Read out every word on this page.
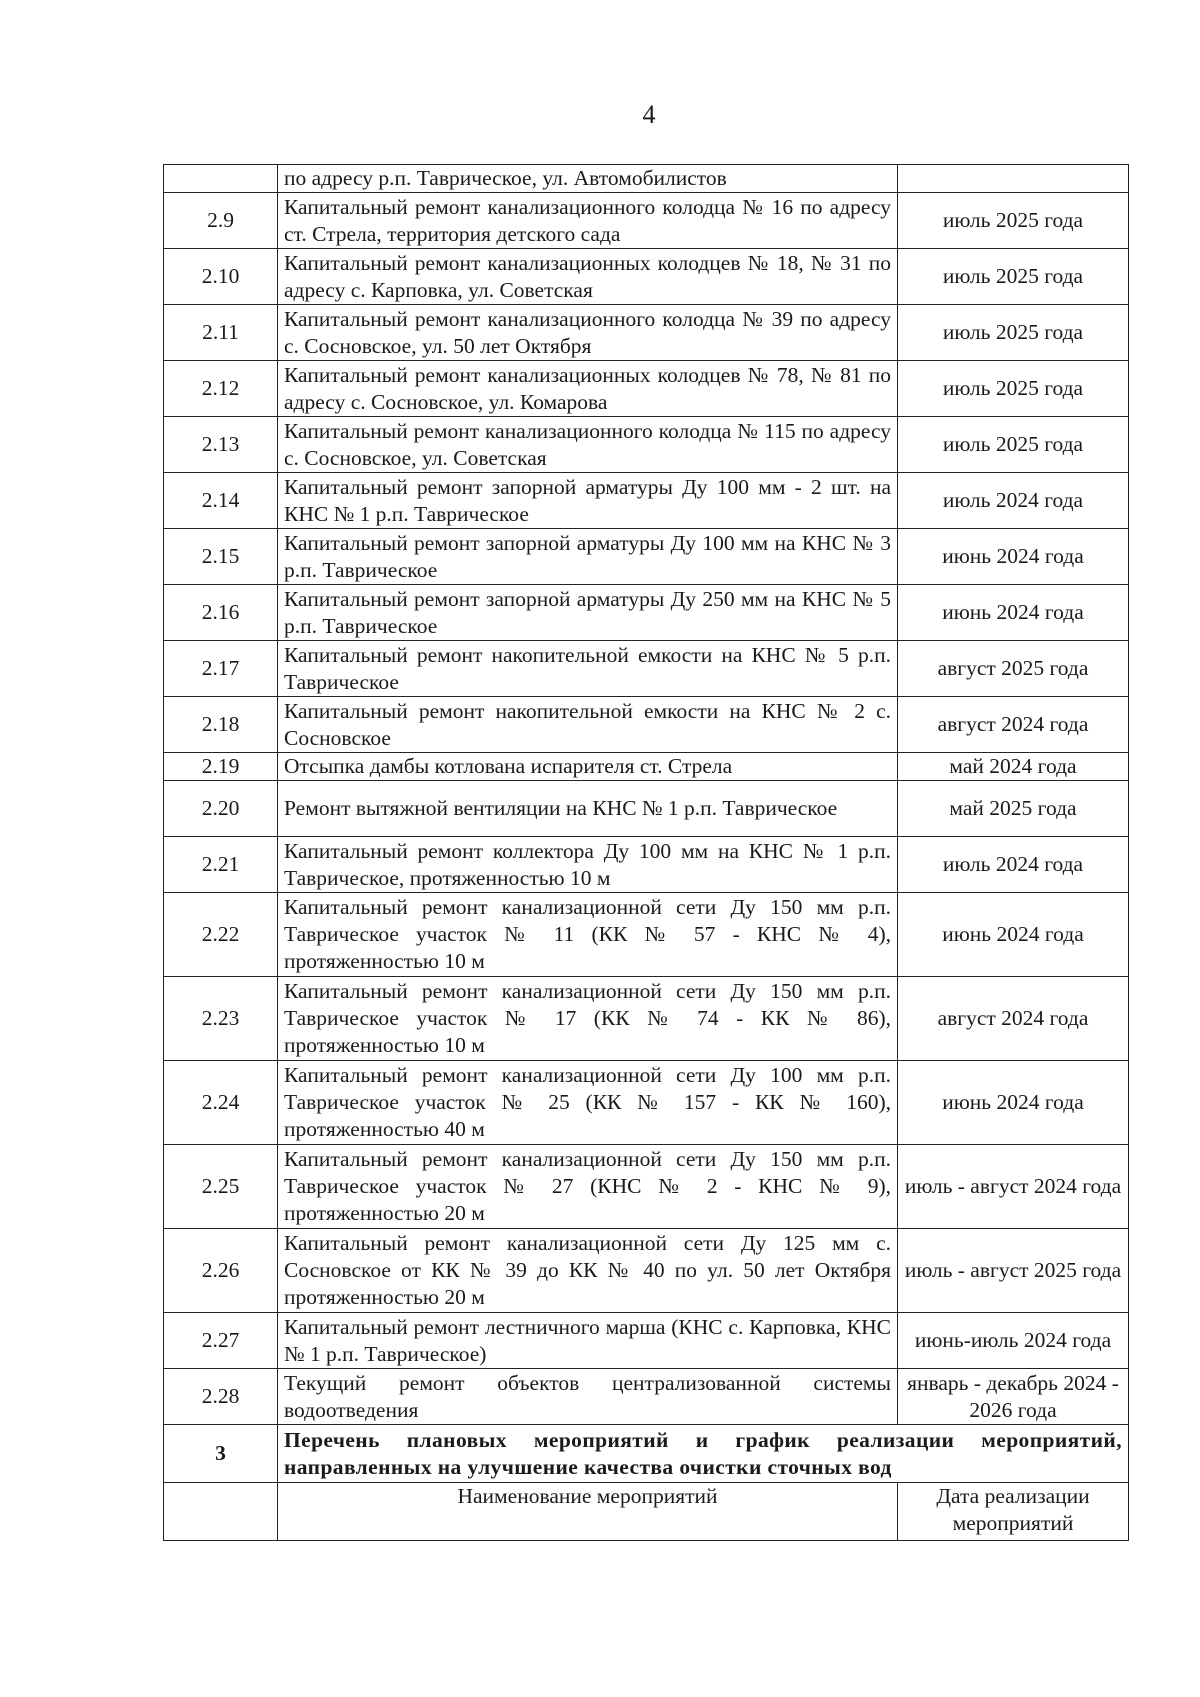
4
	по адресу р.п. Таврическое, ул. Автомобилистов	
2.9	Капитальный ремонт канализационного колодца № 16 по адресу ст. Стрела, территория детского сада	июль 2025 года
2.10	Капитальный ремонт канализационных колодцев № 18, № 31 по адресу с. Карповка, ул. Советская	июль 2025 года
2.11	Капитальный ремонт канализационного колодца № 39 по адресу с. Сосновское, ул. 50 лет Октября	июль 2025 года
2.12	Капитальный ремонт канализационных колодцев № 78, № 81 по адресу с. Сосновское, ул. Комарова	июль 2025 года
2.13	Капитальный ремонт канализационного колодца № 115 по адресу с. Сосновское, ул. Советская	июль 2025 года
2.14	Капитальный ремонт запорной арматуры Ду 100 мм - 2 шт. на КНС № 1 р.п. Таврическое	июль 2024 года
2.15	Капитальный ремонт запорной арматуры Ду 100 мм на КНС № 3 р.п. Таврическое	июнь 2024 года
2.16	Капитальный ремонт запорной арматуры Ду 250 мм на КНС № 5 р.п. Таврическое	июнь 2024 года
2.17	Капитальный ремонт накопительной емкости на КНС № 5 р.п. Таврическое	август 2025 года
2.18	Капитальный ремонт накопительной емкости на КНС № 2 с. Сосновское	август 2024 года
2.19	Отсыпка дамбы котлована испарителя ст. Стрела	май 2024 года
2.20	Ремонт вытяжной вентиляции на КНС № 1 р.п. Таврическое	май 2025 года
2.21	Капитальный ремонт коллектора Ду 100 мм на КНС № 1 р.п. Таврическое, протяженностью 10 м	июль 2024 года
2.22	Капитальный ремонт канализационной сети Ду 150 мм р.п. Таврическое участок № 11 (КК № 57 - КНС № 4), протяженностью 10 м	июнь 2024 года
2.23	Капитальный ремонт канализационной сети Ду 150 мм р.п. Таврическое участок № 17 (КК № 74 - КК № 86), протяженностью 10 м	август 2024 года
2.24	Капитальный ремонт канализационной сети Ду 100 мм р.п. Таврическое участок № 25 (КК № 157 - КК № 160), протяженностью 40 м	июнь 2024 года
2.25	Капитальный ремонт канализационной сети Ду 150 мм р.п. Таврическое участок № 27 (КНС № 2 - КНС № 9), протяженностью 20 м	июль - август 2024 года
2.26	Капитальный ремонт канализационной сети Ду 125 мм с. Сосновское от КК № 39 до КК № 40 по ул. 50 лет Октября протяженностью 20 м	июль - август 2025 года
2.27	Капитальный ремонт лестничного марша (КНС с. Карповка, КНС № 1 р.п. Таврическое)	июнь-июль 2024 года
2.28	Текущий ремонт объектов централизованной системы водоотведения	январь - декабрь 2024 - 2026 года
3	Перечень плановых мероприятий и график реализации мероприятий, направленных на улучшение качества очистки сточных вод	
	Наименование мероприятий	Дата реализации мероприятий
